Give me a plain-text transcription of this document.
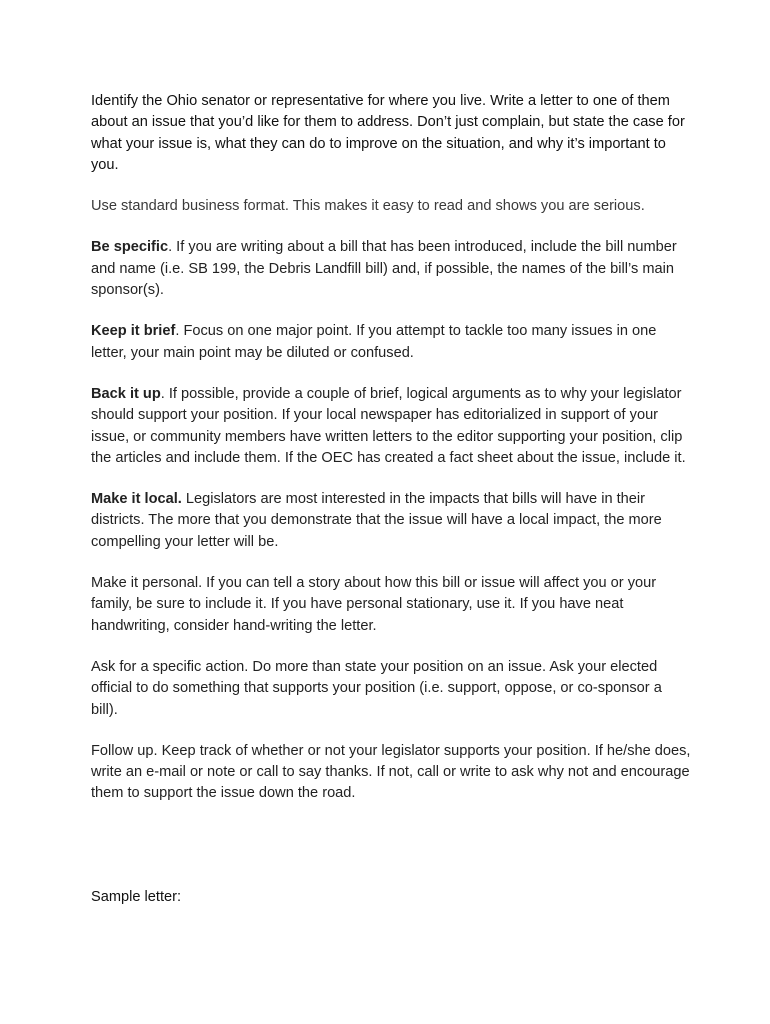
Identify the Ohio senator or representative for where you live. Write a letter to one of them about an issue that you’d like for them to address. Don’t just complain, but state the case for what your issue is, what they can do to improve on the situation, and why it’s important to you.

Use standard business format. This makes it easy to read and shows you are serious.

Be specific. If you are writing about a bill that has been introduced, include the bill number and name (i.e. SB 199, the Debris Landfill bill) and, if possible, the names of the bill’s main sponsor(s).

Keep it brief. Focus on one major point. If you attempt to tackle too many issues in one letter, your main point may be diluted or confused.

Back it up. If possible, provide a couple of brief, logical arguments as to why your legislator should support your position. If your local newspaper has editorialized in support of your issue, or community members have written letters to the editor supporting your position, clip the articles and include them. If the OEC has created a fact sheet about the issue, include it.

Make it local. Legislators are most interested in the impacts that bills will have in their districts. The more that you demonstrate that the issue will have a local impact, the more compelling your letter will be.

Make it personal. If you can tell a story about how this bill or issue will affect you or your family, be sure to include it. If you have personal stationary, use it. If you have neat handwriting, consider hand-writing the letter.

Ask for a specific action. Do more than state your position on an issue. Ask your elected official to do something that supports your position (i.e. support, oppose, or co-sponsor a bill).

Follow up. Keep track of whether or not your legislator supports your position. If he/she does, write an e-mail or note or call to say thanks. If not, call or write to ask why not and encourage them to support the issue down the road.

Sample letter:
